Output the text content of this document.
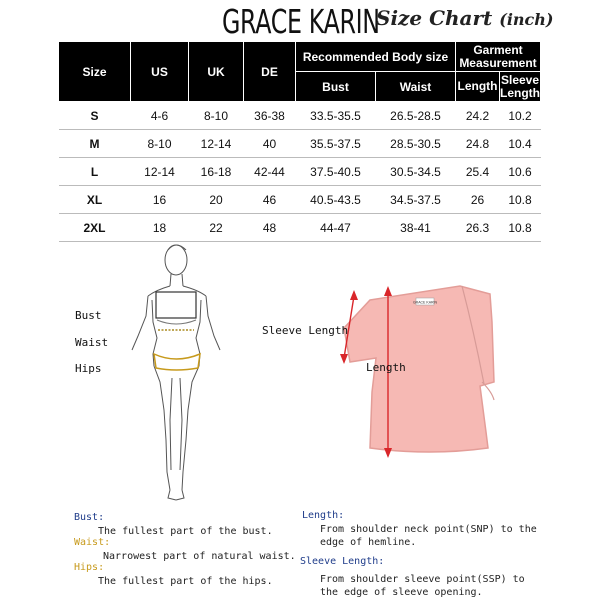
GRACE KARIN
Size Chart (inch)
Size	US	UK	DE	Recommended Body size		Garment Measurement	
				Bust	Waist	Length	Sleeve Length
S	4-6	8-10	36-38	33.5-35.5	26.5-28.5	24.2	10.2
M	8-10	12-14	40	35.5-37.5	28.5-30.5	24.8	10.4
L	12-14	16-18	42-44	37.5-40.5	30.5-34.5	25.4	10.6
XL	16	20	46	40.5-43.5	34.5-37.5	26	10.8
2XL	18	22	48	44-47	38-41	26.3	10.8
Bust
Waist
Hips
GRACE KARIN
Sleeve Length
Length
Bust:
The fullest part of the bust.
Waist:
Narrowest part of natural waist.
Hips:
The fullest part of the hips.
Length:
From shoulder neck point(SNP) to the
edge of hemline.
Sleeve Length:
From shoulder sleeve point(SSP) to
the edge of sleeve opening.
